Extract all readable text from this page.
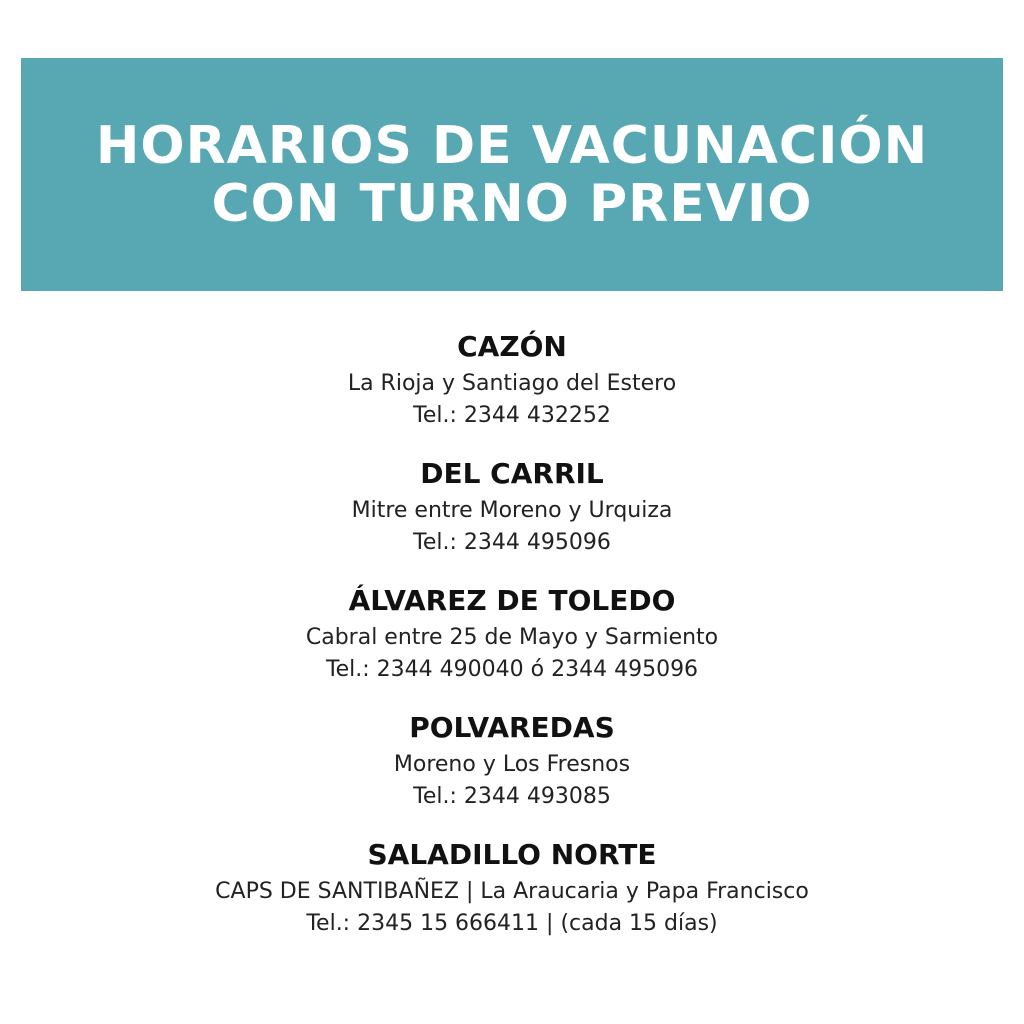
HORARIOS DE VACUNACIÓN
CON TURNO PREVIO
CAZÓN
La Rioja y Santiago del Estero
Tel.: 2344 432252
DEL CARRIL
Mitre entre Moreno y Urquiza
Tel.: 2344 495096
ÁLVAREZ DE TOLEDO
Cabral entre 25 de Mayo y Sarmiento
Tel.: 2344 490040 ó 2344 495096
POLVAREDAS
Moreno y Los Fresnos
Tel.: 2344 493085
SALADILLO NORTE
CAPS DE SANTIBAÑEZ | La Araucaria y Papa Francisco
Tel.: 2345 15 666411 | (cada 15 días)
